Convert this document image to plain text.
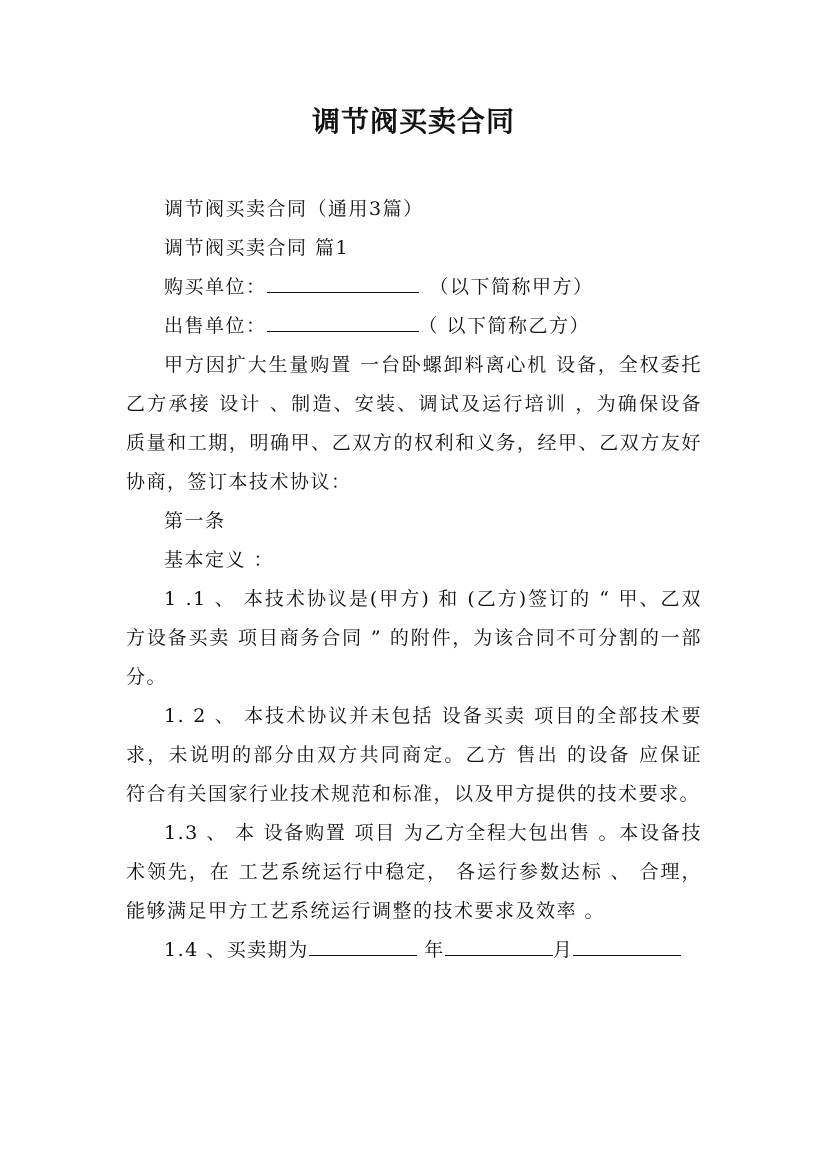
调节阀买卖合同

调节阀买卖合同（通用3篇）

调节阀买卖合同 篇1

购买单位：	　（以下简称甲方）

出售单位：	（ 以下简称乙方）

甲方因扩大生量购置 一台卧螺卸料离心机 设备，全权委托乙方承接 设计 、制造、安装、调试及运行培训 ，为确保设备质量和工期，明确甲、乙双方的权利和义务，经甲、乙双方友好协商，签订本技术协议：

第一条

基本定义 ：

1 .1 、 本技术协议是(甲方) 和 (乙方)签订的 “ 甲、乙双方设备买卖 项目商务合同 ” 的附件，为该合同不可分割的一部分。

1. 2 、 本技术协议并未包括 设备买卖 项目的全部技术要求，未说明的部分由双方共同商定。乙方 售出 的设备 应保证符合有关国家行业技术规范和标准，以及甲方提供的技术要求。

1.3 、 本 设备购置 项目 为乙方全程大包出售 。本设备技术领先，在 工艺系统运行中稳定， 各运行参数达标 、 合理，能够满足甲方工艺系统运行调整的技术要求及效率 。

1.4 、买卖期为	年	月
